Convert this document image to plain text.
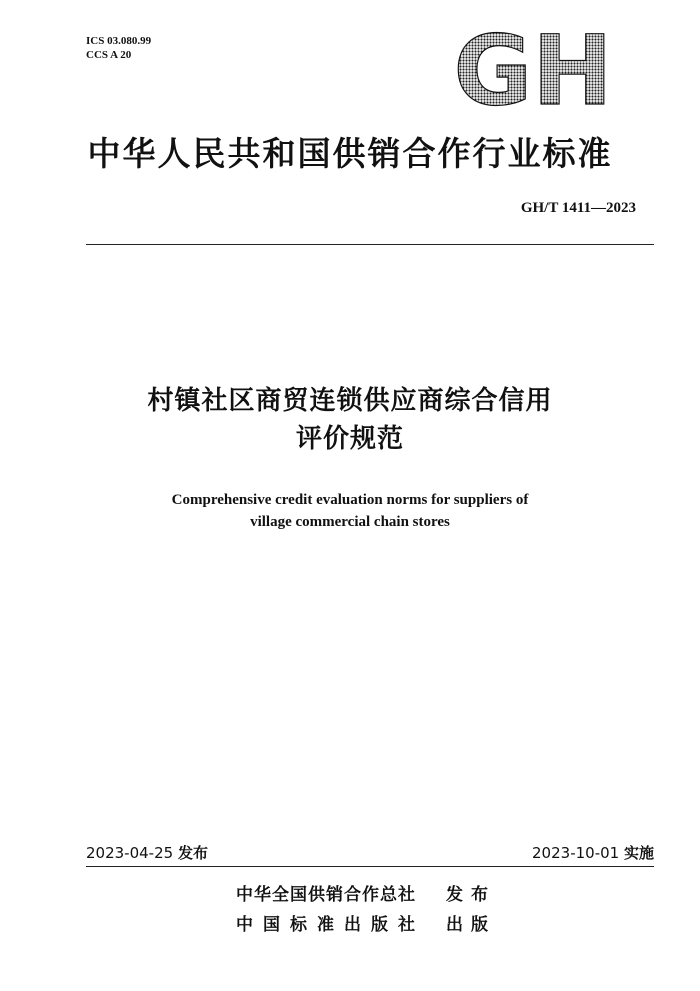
ICS 03.080.99
CCS A 20	GH
中华人民共和国供销合作行业标准
GH/T 1411—2023
村镇社区商贸连锁供应商综合信用
评价规范
Comprehensive credit evaluation norms for suppliers of
village commercial chain stores
2023-04-25 发布	2023-10-01 实施
中华全国供销合作总社	发布
中国标准出版社	出版
